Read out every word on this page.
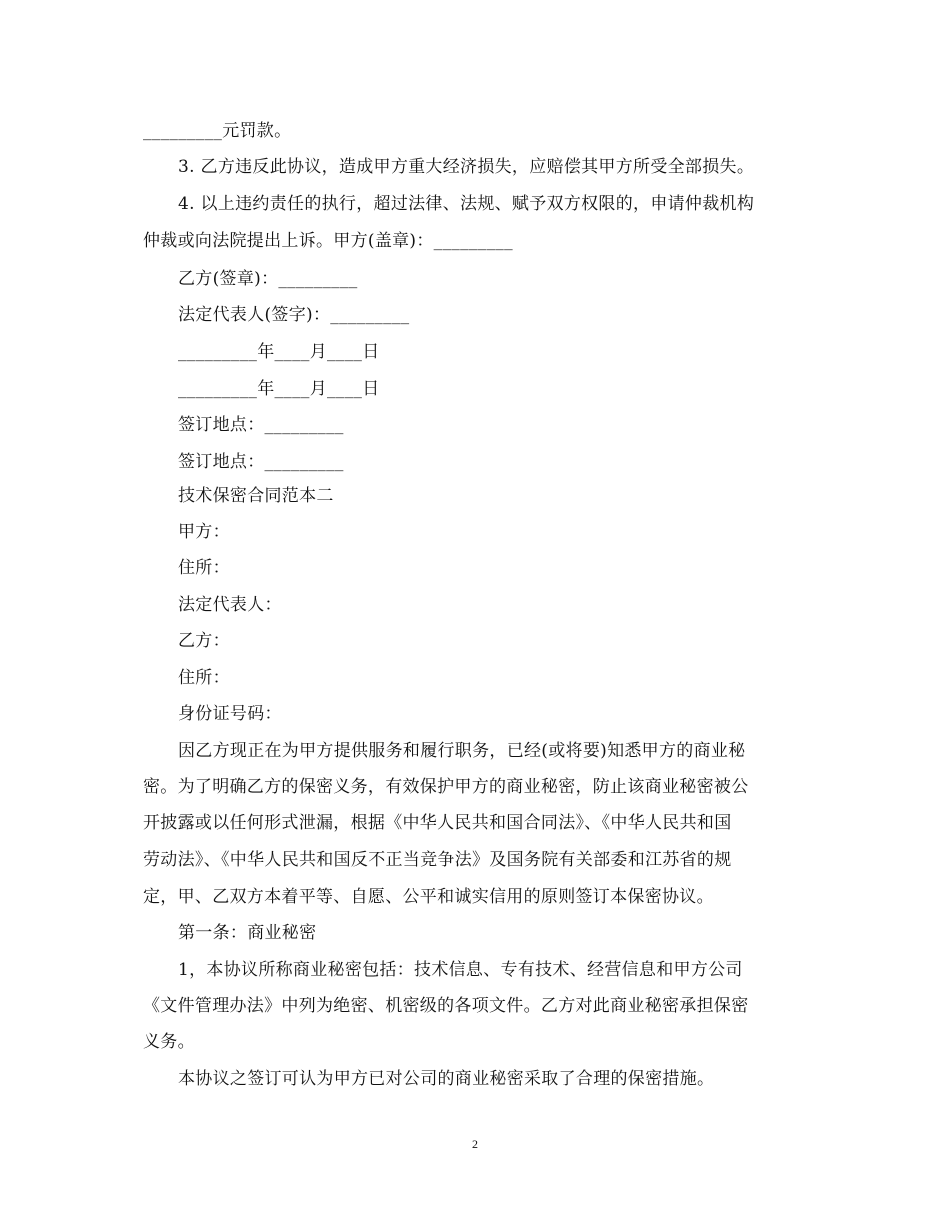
_________元罚款。
3. 乙方违反此协议，造成甲方重大经济损失，应赔偿其甲方所受全部损失。
4. 以上违约责任的执行，超过法律、法规、赋予双方权限的，申请仲裁机构
仲裁或向法院提出上诉。甲方(盖章)：_________
乙方(签章)：_________
法定代表人(签字)：_________
_________年____月____日
_________年____月____日
签订地点：_________
签订地点：_________
技术保密合同范本二
甲方：
住所：
法定代表人：
乙方：
住所：
身份证号码：
因乙方现正在为甲方提供服务和履行职务，已经(或将要)知悉甲方的商业秘
密。为了明确乙方的保密义务，有效保护甲方的商业秘密，防止该商业秘密被公
开披露或以任何形式泄漏，根据《中华人民共和国合同法》、《中华人民共和国
劳动法》、《中华人民共和国反不正当竞争法》及国务院有关部委和江苏省的规
定，甲、乙双方本着平等、自愿、公平和诚实信用的原则签订本保密协议。
第一条：商业秘密
1，本协议所称商业秘密包括：技术信息、专有技术、经营信息和甲方公司
《文件管理办法》中列为绝密、机密级的各项文件。乙方对此商业秘密承担保密
义务。
本协议之签订可认为甲方已对公司的商业秘密采取了合理的保密措施。
2
